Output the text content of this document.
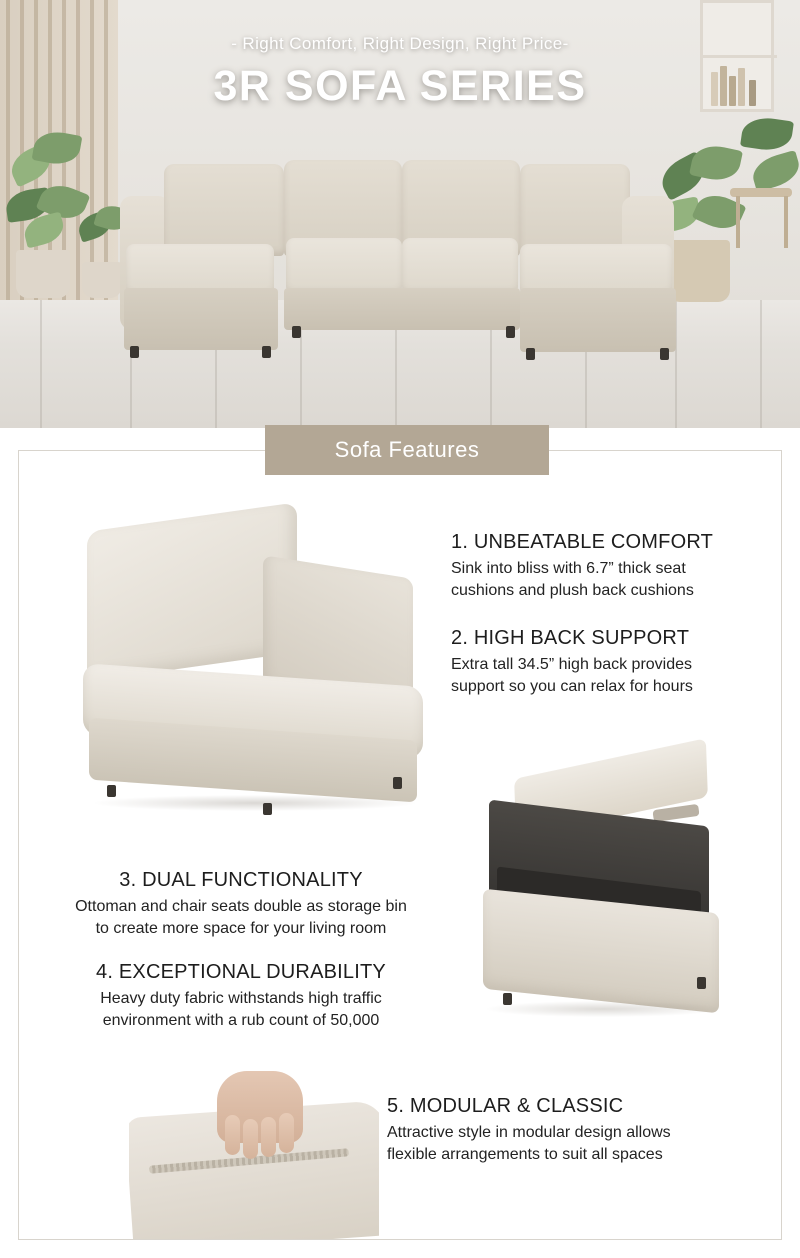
- Right Comfort, Right Design, Right Price-

3R SOFA SERIES
Sofa Features
1. UNBEATABLE COMFORT

Sink into bliss with 6.7” thick seat

cushions and plush back cushions

2. HIGH BACK SUPPORT

Extra tall 34.5” high back provides

support so you can relax for hours

3. DUAL FUNCTIONALITY

Ottoman and chair seats double as storage bin

to create more space for your living room

4. EXCEPTIONAL DURABILITY

Heavy duty fabric withstands high traffic

environment with a rub count of 50,000

5. MODULAR & CLASSIC

Attractive style in modular design allows

flexible arrangements to suit all spaces
